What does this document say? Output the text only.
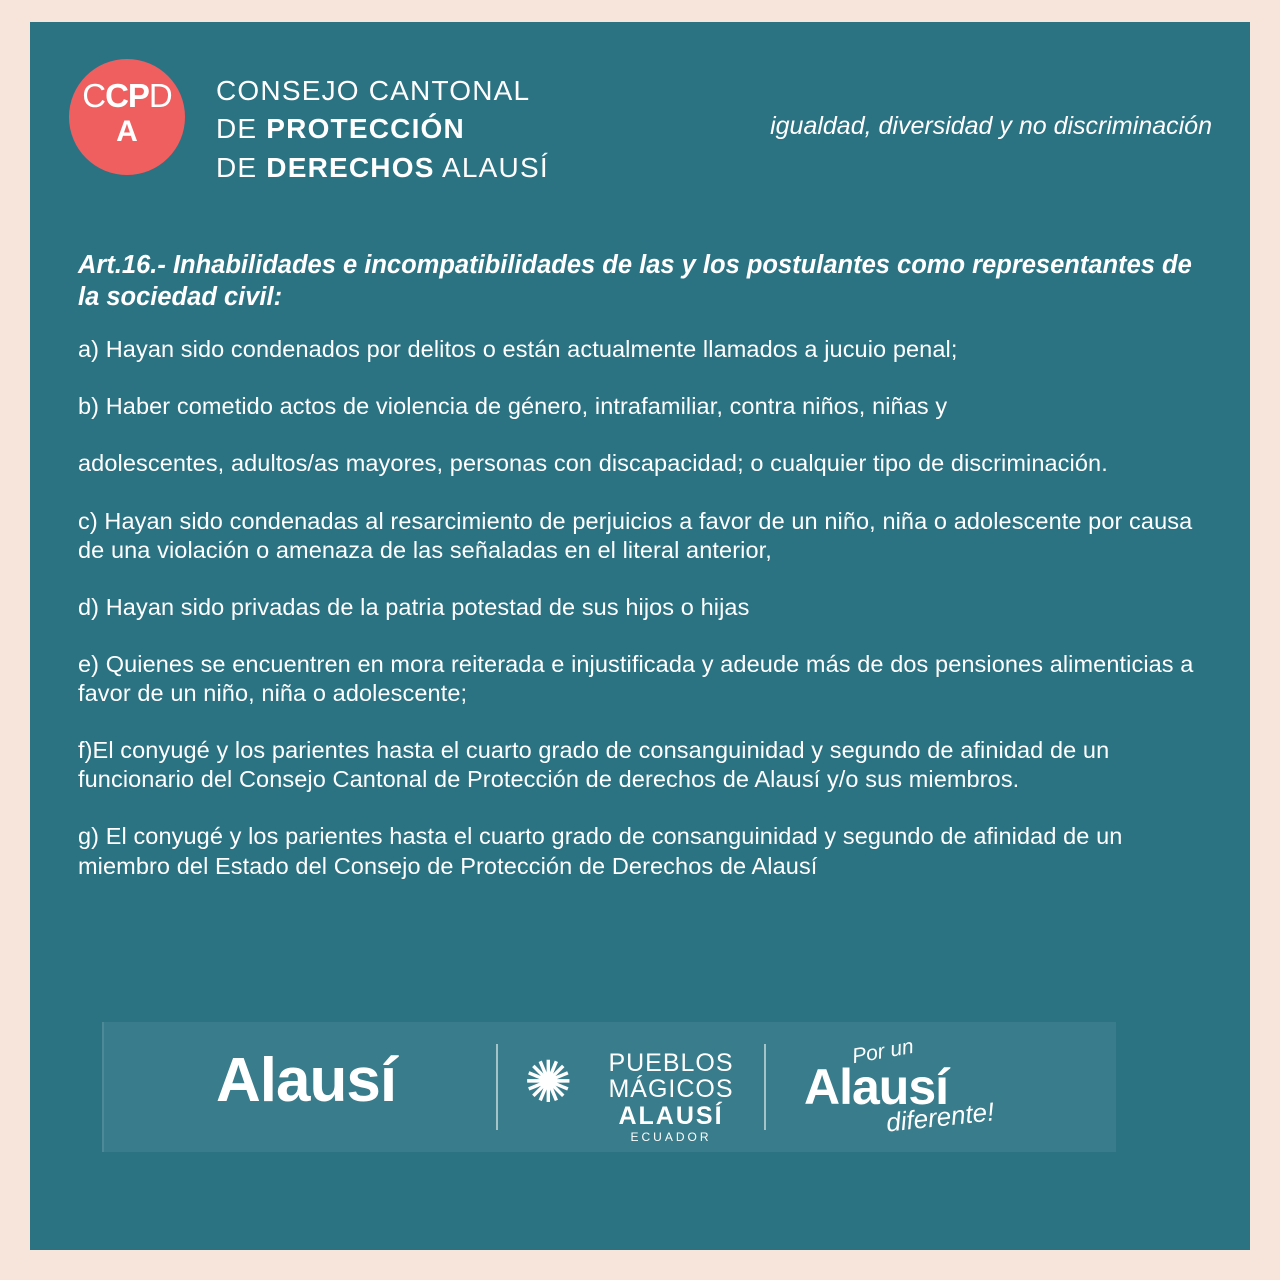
CCPD
A
CONSEJO CANTONAL
DE PROTECCIÓN
DE DERECHOS ALAUSÍ
igualdad, diversidad y no discriminación

Art.16.- Inhabilidades e incompatibilidades de las y los postulantes como representantes de la sociedad civil:

a) Hayan sido condenados por delitos o están actualmente llamados a jucuio penal;

b) Haber cometido actos de violencia de género, intrafamiliar, contra niños, niñas y

adolescentes, adultos/as mayores, personas con discapacidad; o cualquier tipo de discriminación.

c) Hayan sido condenadas al resarcimiento de perjuicios a favor de un niño, niña o adolescente por causa de una violación o amenaza de las señaladas en el literal anterior,

d) Hayan sido privadas de la patria potestad de sus hijos o hijas

e) Quienes se encuentren en mora reiterada e injustificada y adeude más de dos pensiones alimenticias a favor de un niño, niña o adolescente;

f)El conyugé y los parientes hasta el cuarto grado de consanguinidad y segundo de afinidad de un funcionario del Consejo Cantonal de Protección de derechos de Alausí y/o sus miembros.

g) El conyugé y los parientes hasta el cuarto grado de consanguinidad y segundo de afinidad de un miembro del Estado del Consejo de Protección de Derechos de Alausí

Alausí ✺	PUEBLOS
MÁGICOS
ALAUSÍ
ECUADOR
Por un
Alausí
diferente!
